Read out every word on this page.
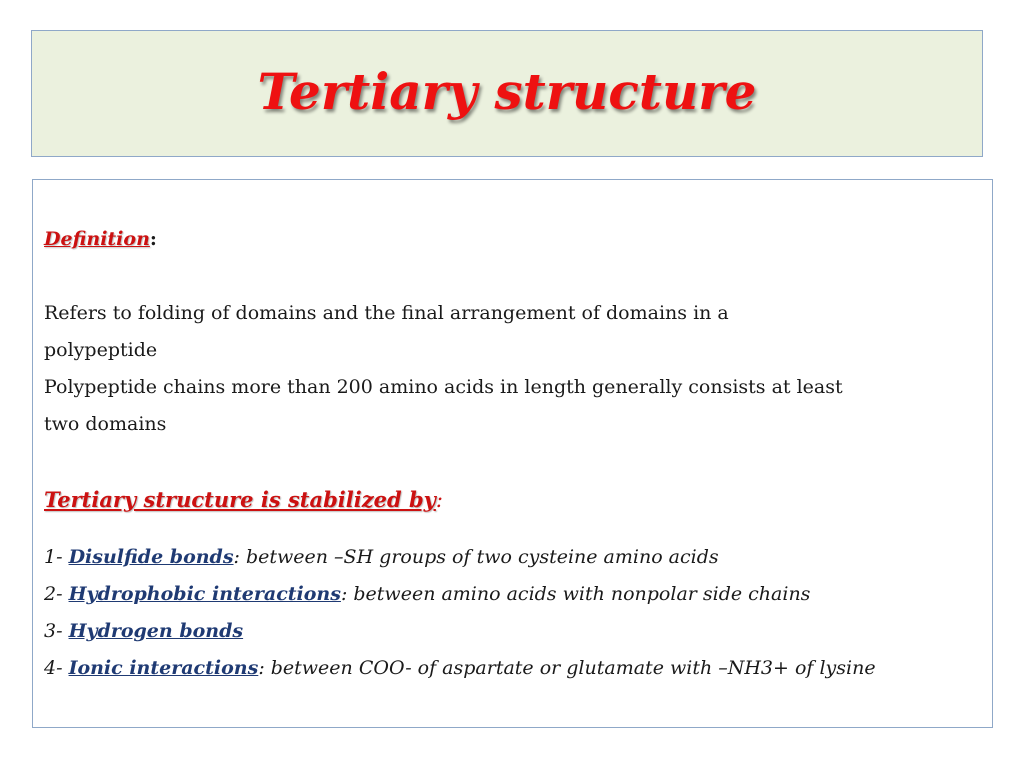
Tertiary structure
Definition:
Refers to folding of domains and the final arrangement of domains in a
polypeptide
Polypeptide chains more than 200 amino acids in length generally consists at least
two domains
Tertiary structure is stabilized by:
1- Disulfide bonds: between –SH groups of two cysteine amino acids
2- Hydrophobic interactions: between amino acids with nonpolar side chains
3- Hydrogen bonds
4- Ionic interactions: between COO- of aspartate or glutamate with –NH3+ of lysine
